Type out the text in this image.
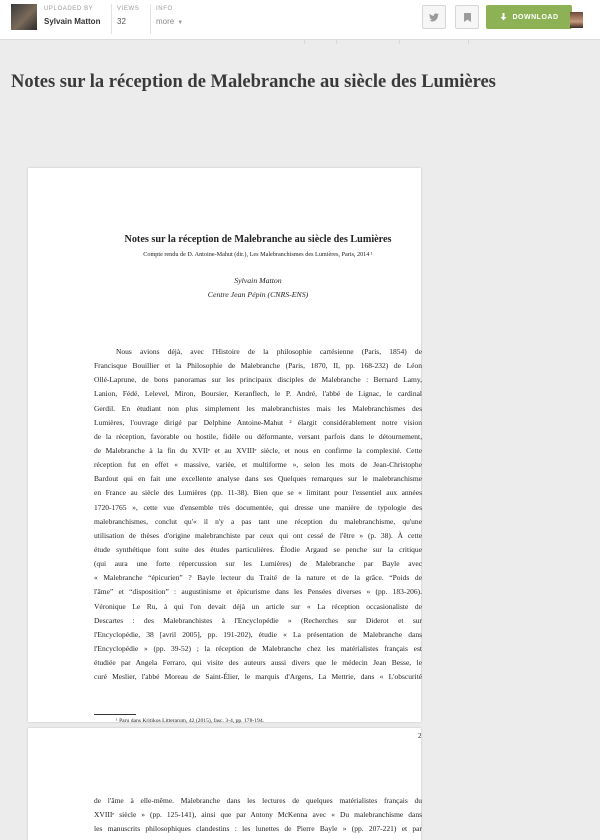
UPLOADED BY
Sylvain Matton
VIEWS
32
INFO
more ▼
DOWNLOAD
Notes sur la réception de Malebranche au siècle des Lumières
Notes sur la réception de Malebranche au siècle des Lumières
Compte rendu de D. Antoine-Mahut (dir.), Les Malebranchismes des Lumières, Paris, 2014 ¹
Sylvain Matton
Centre Jean Pépin (CNRS-ENS)
Nous avions déjà, avec l'Histoire de la philosophie cartésienne (Paris, 1854) de
Francisque Bouillier et la Philosophie de Malebranche (Paris, 1870, II, pp. 168-232) de Léon
Ollé-Laprune, de bons panoramas sur les principaux disciples de Malebranche : Bernard Lamy,
Lanion, Fédé, Lelevel, Miron, Boursier, Keranflech, le P. André, l'abbé de Lignac, le cardinal
Gerdil. En étudiant non plus simplement les malebranchistes mais les Malebranchismes des
Lumières, l'ouvrage dirigé par Delphine Antoine-Mahut ² élargit considérablement notre vision
de la réception, favorable ou hostile, fidèle ou déformante, versant parfois dans le détournement,
de Malebranche à la fin du XVIIᵉ et au XVIIIᵉ siècle, et nous en confirme la complexité. Cette
réception fut en effet « massive, variée, et multiforme », selon les mots de Jean-Christophe
Bardout qui en fait une excellente analyse dans ses Quelques remarques sur le malebranchisme
en France au siècle des Lumières (pp. 11-38). Bien que se « limitant pour l'essentiel aux années
1720-1765 », cette vue d'ensemble très documentée, qui dresse une manière de typologie des
malebranchismes, conclut qu'« il n'y a pas tant une réception du malebranchisme, qu'une
utilisation de thèses d'origine malebranchiste par ceux qui ont cessé de l'être » (p. 38). À cette
étude synthétique font suite des études particulières. Élodie Argaud se penche sur la critique
(qui aura une forte répercussion sur les Lumières) de Malebranche par Bayle avec
« Malebranche “épicurien” ? Bayle lecteur du Traité de la nature et de la grâce. “Poids de
l'âme” et “disposition” : augustinisme et épicurisme dans les Pensées diverses » (pp. 183-206).
Véronique Le Ru, à qui l'on devait déjà un article sur « La réception occasionaliste de
Descartes : des Malebranchistes à l'Encyclopédie » (Recherches sur Diderot et sur
l'Encyclopédie, 38 [avril 2005], pp. 191-202), étudie « La présentation de Malebranche dans
l'Encyclopédie » (pp. 39-52) ; la réception de Malebranche chez les matérialistes français est
étudiée par Angela Ferraro, qui visite des auteurs aussi divers que le médecin Jean Besse, le
curé Meslier, l'abbé Moreau de Saint-Élier, le marquis d'Argens, La Mettrie, dans « L'obscurité
¹ Paru dans Kritikos Litterarum, 42 (2015), fasc. 3-4, pp. 178-194.
2
de l'âme à elle-même. Malebranche dans les lectures de quelques matérialistes français du
XVIIIᵉ siècle » (pp. 125-141), ainsi que par Antony McKenna avec « Du malebranchisme dans
les manuscrits philosophiques clandestins : les lunettes de Pierre Bayle » (pp. 207-221) et par
